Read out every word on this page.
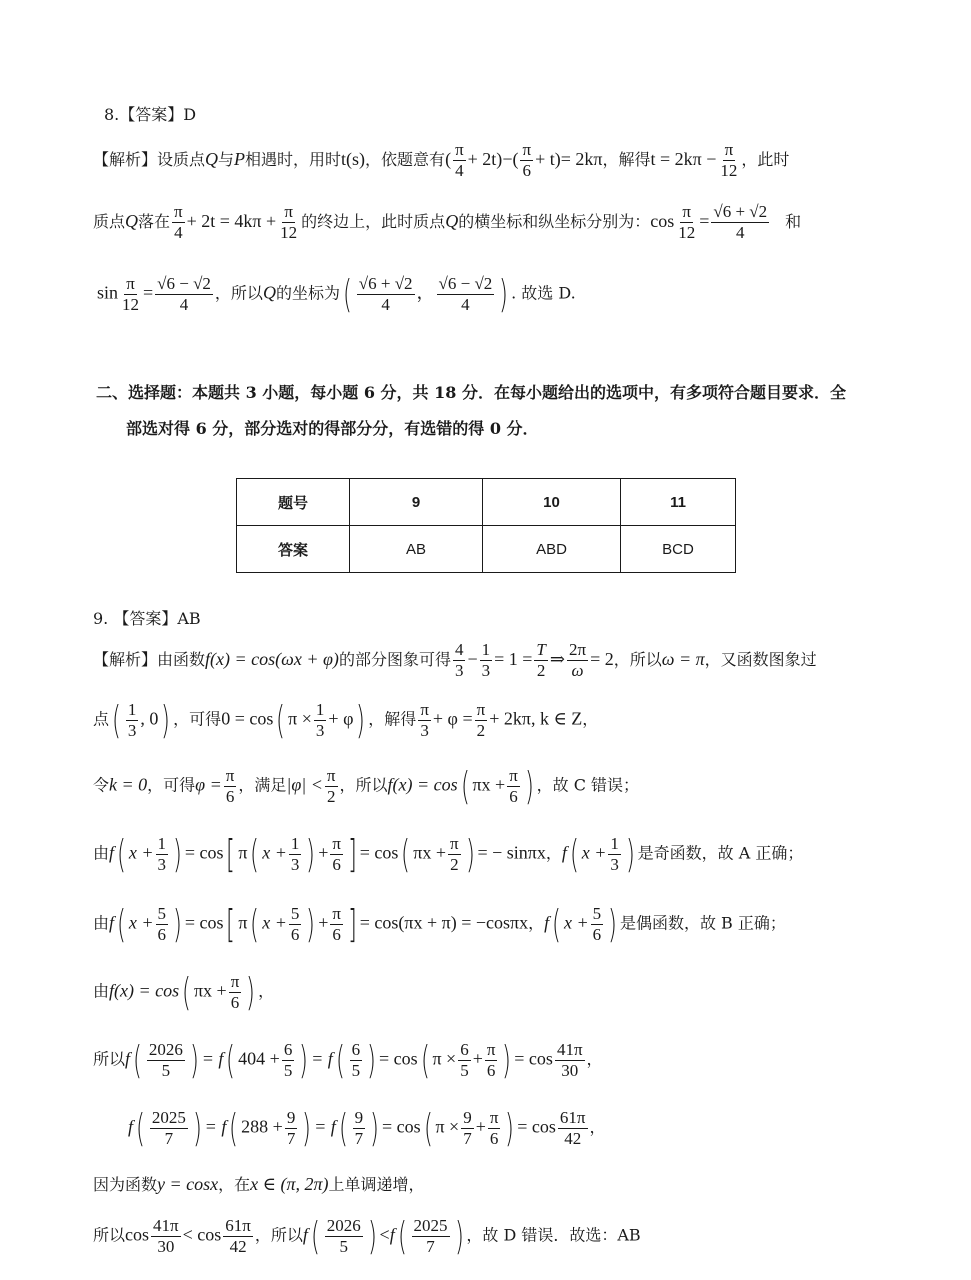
8.【答案】D
【解析】设质点Q与P相遇时，用时t(s)，依题意有( $\frac{\pi}{4} + 2t)-( \frac{\pi}{6} + t)= 2k\pi$，解得$t = 2k\pi - \frac{\pi}{12}$ ，此时
质点Q落在 $\frac{\pi}{4} + 2t = 4k\pi + \frac{\pi}{12}$ 的终边上，此时质点Q的横坐标和纵坐标分别为：$\cos \frac{\pi}{12} = \frac{√6 + √2}{4}$ 和
$\sin \frac{\pi}{12} = \frac{√6 - √2}{4}$ ，所以Q的坐标为( $\frac{√6 + √2}{4}$ ， $\frac{√6 - √2}{4}$ ) . 故选 D.
二、选择题：本题共 3 小题，每小题 6 分，共 18 分．在每小题给出的选项中，有多项符合题目要求．全
部选对得 6 分，部分选对的得部分分，有选错的得 0 分．
题号	9	10	11
答案	AB	ABD	BCD
9. 【答案】AB
【解析】由函数f(x) = cos(ωx + φ)的部分图象可得 $\frac{4}{3} - \frac{1}{3} = 1 = \frac{T}{2}$ ⇒ $\frac{2\pi}{\omega} = 2$，所以ω = π，又函数图象过
点( $\frac{1}{3}$ , 0) ，可得0 = cos( $\pi \times \frac{1}{3} + \varphi$) ，解得 $\frac{\pi}{3} + \varphi = \frac{\pi}{2} + 2k\pi$, k ∈ Z，
令k = 0，可得$\varphi = \frac{\pi}{6}$ ，满足$|\varphi| < \frac{\pi}{2}$ ，所以f(x) = cos( $\pi x + \frac{\pi}{6}$ ) ，故 C 错误；
由f( $x + \frac{1}{3}$ ) = cos[ π( $x + \frac{1}{3}$ ) + $\frac{\pi}{6}$ ] = cos( $\pi x + \frac{\pi}{2}$ ) = − sinπx，f( $x + \frac{1}{3}$ ) 是奇函数，故 A 正确；
由f( $x + \frac{5}{6}$ ) = cos[ π( $x + \frac{5}{6}$ ) + $\frac{\pi}{6}$ ] = cos(πx + π) = −cosπx，f( $x + \frac{5}{6}$ ) 是偶函数，故 B 正确；
由f(x) = cos( $\pi x + \frac{\pi}{6}$ ) ，
所以$f( \frac{2026}{5}$ ) = f( $404 + \frac{6}{5}$ ) = $f( \frac{6}{5}$ ) = cos( $\pi \times \frac{6}{5} + \frac{\pi}{6}$ ) = $\cos \frac{41\pi}{30}$ ，
$f( \frac{2025}{7}$ ) = f( $288 + \frac{9}{7}$ ) = $f( \frac{9}{7}$ ) = cos( $\pi \times \frac{9}{7} + \frac{\pi}{6}$ ) = $\cos \frac{61\pi}{42}$ ，
因为函数y = cosx，在x ∈ (π, 2π)上单调递增，
所以$\cos \frac{41\pi}{30} < \cos \frac{61\pi}{42}$ ，所以$f( \frac{2026}{5}$ ) $<f( \frac{2025}{7}$ ) ，故 D 错误．故选：AB
